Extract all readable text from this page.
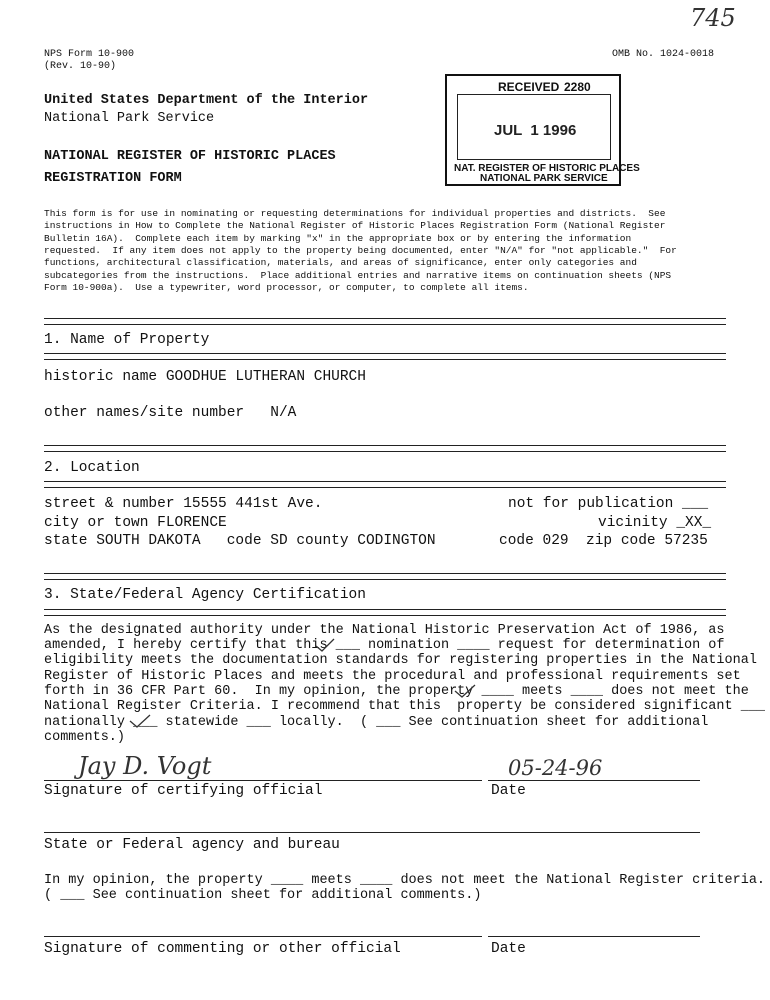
745
NPS Form 10-900
(Rev. 10-90)
OMB No. 1024-0018
United States Department of the Interior
National Park Service
NATIONAL REGISTER OF HISTORIC PLACES
REGISTRATION FORM
RECEIVED 2280
JUL  1 1996
NAT. REGISTER OF HISTORIC PLACES
NATIONAL PARK SERVICE
This form is for use in nominating or requesting determinations for individual properties and districts.  See
instructions in How to Complete the National Register of Historic Places Registration Form (National Register
Bulletin 16A).  Complete each item by marking "x" in the appropriate box or by entering the information
requested.  If any item does not apply to the property being documented, enter "N/A" for "not applicable."  For
functions, architectural classification, materials, and areas of significance, enter only categories and
subcategories from the instructions.  Place additional entries and narrative items on continuation sheets (NPS
Form 10-900a).  Use a typewriter, word processor, or computer, to complete all items.
1. Name of Property
historic name GOODHUE LUTHERAN CHURCH
other names/site number   N/A
2. Location
street & number 15555 441st Ave.	not for publication ___
city or town FLORENCE	vicinity _XX_
state SOUTH DAKOTA   code SD county CODINGTON	code 029  zip code 57235
3. State/Federal Agency Certification
As the designated authority under the National Historic Preservation Act of 1986, as
amended, I hereby certify that this ___ nomination ____ request for determination of
eligibility meets the documentation standards for registering properties in the National
Register of Historic Places and meets the procedural and professional requirements set
forth in 36 CFR Part 60.  In my opinion, the property ____ meets ____ does not meet the
National Register Criteria. I recommend that this  property be considered significant ___
nationally ___ statewide ___ locally.  ( ___ See continuation sheet for additional
comments.)
Jay D. Vogt	05-24-96
Signature of certifying official	Date
State or Federal agency and bureau
In my opinion, the property ____ meets ____ does not meet the National Register criteria.
( ___ See continuation sheet for additional comments.)
Signature of commenting or other official	Date
